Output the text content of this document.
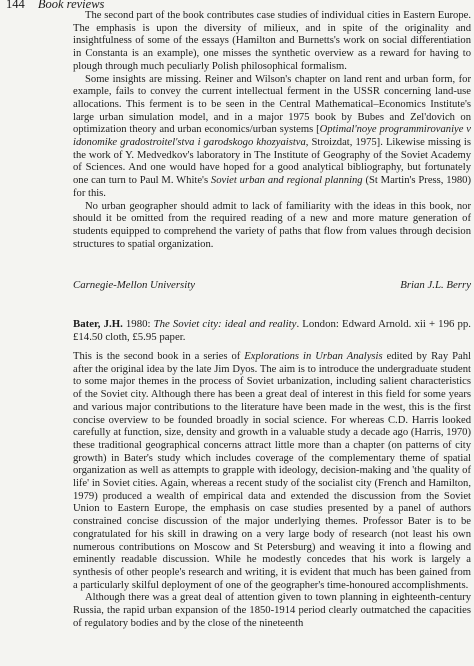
144 Book reviews

The second part of the book contributes case studies of individual cities in Eastern Europe. The emphasis is upon the diversity of milieux, and in spite of the originality and insightfulness of some of the essays (Hamilton and Burnetts's work on social differentiation in Constanta is an example), one misses the synthetic overview as a reward for having to plough through much peculiarly Polish philosophical formalism.

Some insights are missing. Reiner and Wilson's chapter on land rent and urban form, for example, fails to convey the current intellectual ferment in the USSR concerning land-use allocations. This ferment is to be seen in the Central Mathematical–Economics Institute's large urban simulation model, and in a major 1975 book by Bubes and Zel'dovich on optimization theory and urban economics/urban systems [Optimal'noye programmirovaniye v idonomike gradostroitel'stva i garodskogo khozyaistva, Stroizdat, 1975]. Likewise missing is the work of Y. Medvedkov's laboratory in The Institute of Geography of the Soviet Academy of Sciences. And one would have hoped for a good analytical bibliography, but fortunately one can turn to Paul M. White's Soviet urban and regional planning (St Martin's Press, 1980) for this.

No urban geographer should admit to lack of familiarity with the ideas in this book, nor should it be omitted from the required reading of a new and more mature generation of students equipped to comprehend the variety of paths that flow from values through decision structures to spatial organization.

Carnegie-Mellon University	Brian J.L. Berry

Bater, J.H. 1980: The Soviet city: ideal and reality. London: Edward Arnold. xii + 196 pp. £14.50 cloth, £5.95 paper.

This is the second book in a series of Explorations in Urban Analysis edited by Ray Pahl after the original idea by the late Jim Dyos. The aim is to introduce the undergraduate student to some major themes in the process of Soviet urbanization, including salient characteristics of the Soviet city. Although there has been a great deal of interest in this field for some years and various major contributions to the literature have been made in the west, this is the first concise overview to be founded broadly in social science. For whereas C.D. Harris looked carefully at function, size, density and growth in a valuable study a decade ago (Harris, 1970) these traditional geographical concerns attract little more than a chapter (on patterns of city growth) in Bater's study which includes coverage of the complementary theme of spatial organization as well as attempts to grapple with ideology, decision-making and 'the quality of life' in Soviet cities. Again, whereas a recent study of the socialist city (French and Hamilton, 1979) produced a wealth of empirical data and extended the discussion from the Soviet Union to Eastern Europe, the emphasis on case studies presented by a panel of authors constrained concise discussion of the major underlying themes. Professor Bater is to be congratulated for his skill in drawing on a very large body of research (not least his own numerous contributions on Moscow and St Petersburg) and weaving it into a flowing and eminently readable discussion. While he modestly concedes that his work is largely a synthesis of other people's research and writing, it is evident that much has been gained from a particularly skilful deployment of one of the geographer's time-honoured accomplishments.

Although there was a great deal of attention given to town planning in eighteenth-century Russia, the rapid urban expansion of the 1850-1914 period clearly outmatched the capacities of regulatory bodies and by the close of the nineteenth
